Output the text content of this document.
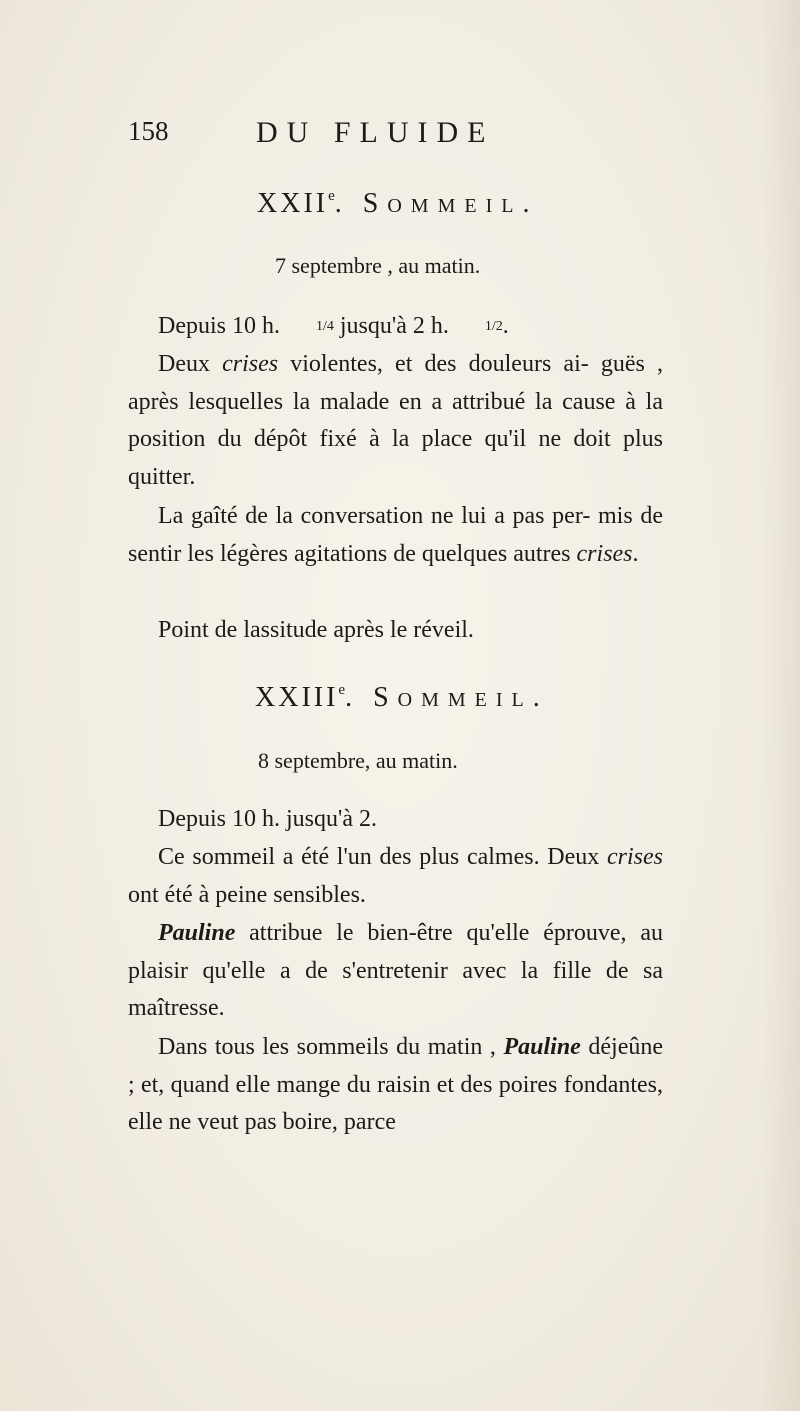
158	DU FLUIDE
XXIIe. Sommeil.
7 septembre , au matin.

Depuis 10 h.	1/4 jusqu'à 2 h.	1/2.

Deux crises violentes, et des douleurs ai- guës , après lesquelles la malade en a attribué la cause à la position du dépôt fixé à la place qu'il ne doit plus quitter.

La gaîté de la conversation ne lui a pas per- mis de sentir les légères agitations de quelques autres crises.

Point de lassitude après le réveil.

XXIIIe. Sommeil.
8 septembre, au matin.

Depuis 10 h. jusqu'à 2.

Ce sommeil a été l'un des plus calmes. Deux crises ont été à peine sensibles.

Pauline attribue le bien-être qu'elle éprouve, au plaisir qu'elle a de s'entretenir avec la fille de sa maîtresse.

Dans tous les sommeils du matin , Pauline déjeûne ; et, quand elle mange du raisin et des poires fondantes, elle ne veut pas boire, parce
